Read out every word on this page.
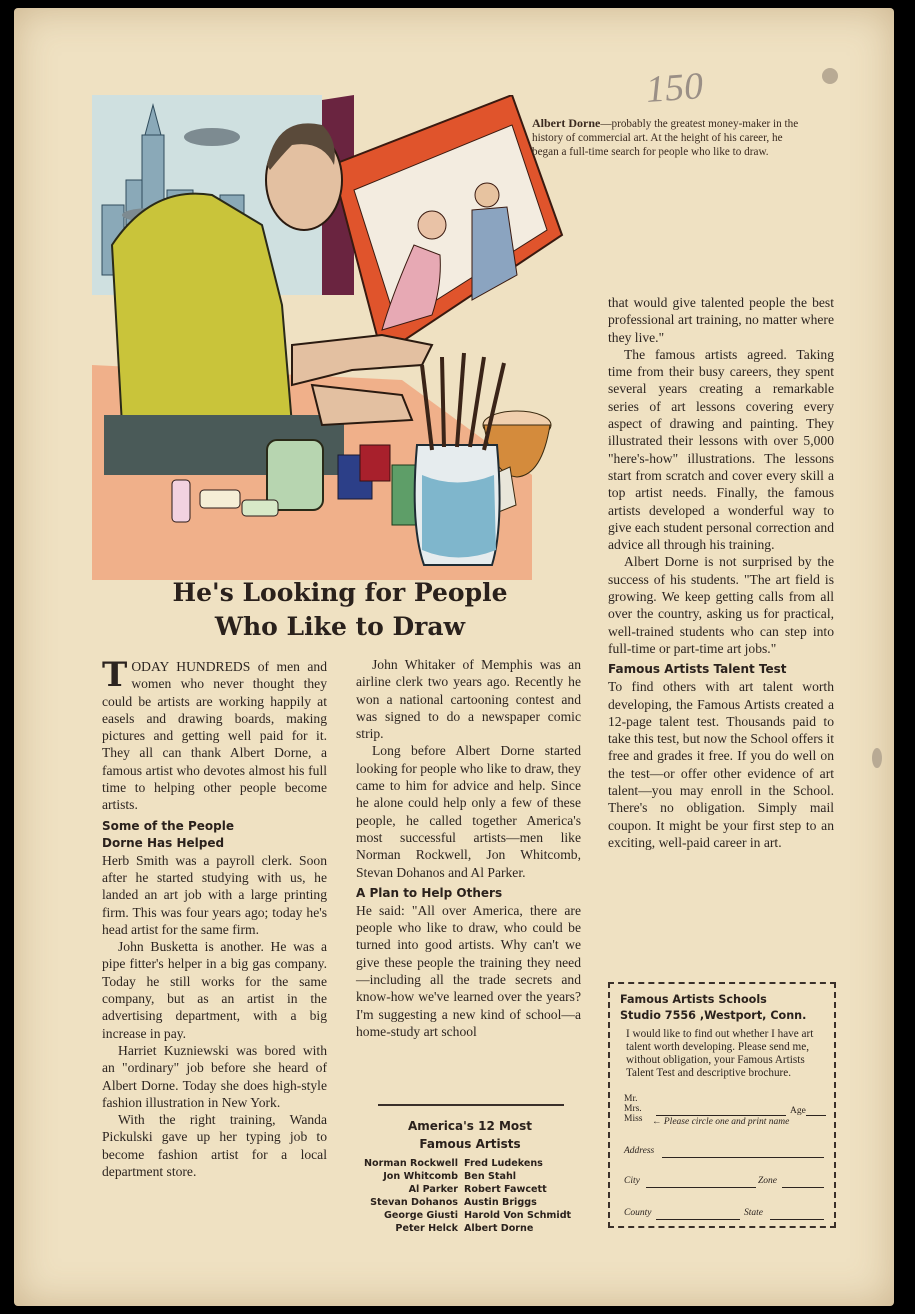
150
Albert Dorne—probably the greatest money-maker in the history of commercial art. At the height of his career, he began a full-time search for people who like to draw.
He's Looking for People
Who Like to Draw

TODAY HUNDREDS of men and women who never thought they could be artists are working happily at easels and drawing boards, making pictures and getting well paid for it. They all can thank Albert Dorne, a famous artist who devotes almost his full time to helping other people become artists.

Some of the People
Dorne Has Helped

Herb Smith was a payroll clerk. Soon after he started studying with us, he landed an art job with a large printing firm. This was four years ago; today he's head artist for the same firm.

John Busketta is another. He was a pipe fitter's helper in a big gas company. Today he still works for the same company, but as an artist in the advertising department, with a big increase in pay.

Harriet Kuzniewski was bored with an "ordinary" job before she heard of Albert Dorne. Today she does high-style fashion illustration in New York.

With the right training, Wanda Pickulski gave up her typing job to become fashion artist for a local department store.

John Whitaker of Memphis was an airline clerk two years ago. Recently he won a national cartooning contest and was signed to do a newspaper comic strip.

Long before Albert Dorne started looking for people who like to draw, they came to him for advice and help. Since he alone could help only a few of these people, he called together America's most successful artists—men like Norman Rockwell, Jon Whitcomb, Stevan Dohanos and Al Parker.

A Plan to Help Others

He said: "All over America, there are people who like to draw, who could be turned into good artists. Why can't we give these people the training they need—including all the trade secrets and know-how we've learned over the years? I'm suggesting a new kind of school—a home-study art school

that would give talented people the best professional art training, no matter where they live."

The famous artists agreed. Taking time from their busy careers, they spent several years creating a remarkable series of art lessons covering every aspect of drawing and painting. They illustrated their lessons with over 5,000 "here's-how" illustrations. The lessons start from scratch and cover every skill a top artist needs. Finally, the famous artists developed a wonderful way to give each student personal correction and advice all through his training.

Albert Dorne is not surprised by the success of his students. "The art field is growing. We keep getting calls from all over the country, asking us for practical, well-trained students who can step into full-time or part-time art jobs."

Famous Artists Talent Test

To find others with art talent worth developing, the Famous Artists created a 12-page talent test. Thousands paid to take this test, but now the School offers it free and grades it free. If you do well on the test—or offer other evidence of art talent—you may enroll in the School. There's no obligation. Simply mail coupon. It might be your first step to an exciting, well-paid career in art.

America's 12 Most
Famous Artists
Norman Rockwell Fred Ludekens
Jon Whitcomb Ben Stahl
Al Parker Robert Fawcett
Stevan Dohanos Austin Briggs
George Giusti Harold Von Schmidt
Peter Helck Albert Dorne
Famous Artists Schools
Studio 7556 ,Westport, Conn.
I would like to find out whether I have art talent worth developing. Please send me, without obligation, your Famous Artists Talent Test and descriptive brochure.
Mr.
Mrs.
Miss ← Please circle one and print name
Age
Address
City	Zone
County	State
